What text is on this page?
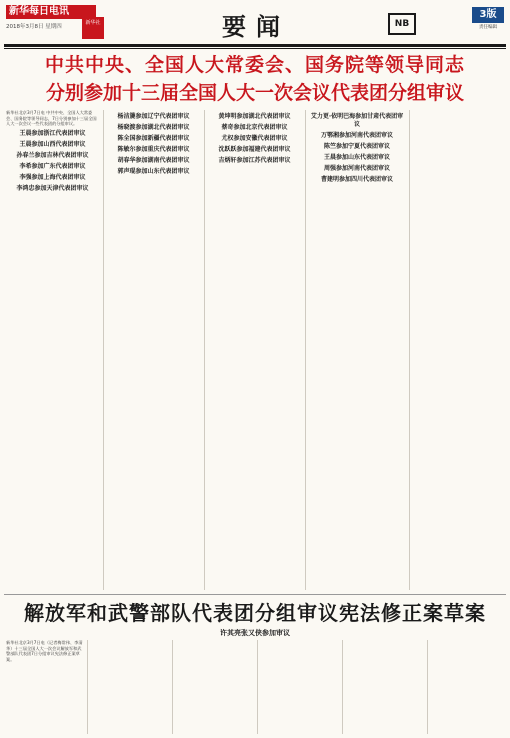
新华每日电讯
2018年3月8日 星期四
新华社	要闻	NB
3版
责任编辑
中共中央、全国人大常委会、国务院等领导同志
分别参加十三届全国人大一次会议代表团分组审议
新华社北京3月7日电 中共中央、全国人大常委会、国务院等领导同志，7日分别参加十三届全国人大一次会议一些代表团的分组审议。
王晨参加浙江代表团审议
王晨参加山西代表团审议
孙春兰参加吉林代表团审议
李希参加广东代表团审议
李强参加上海代表团审议
李鸿忠参加天津代表团审议
杨洁篪参加辽宁代表团审议
杨晓渡参加湖北代表团审议
陈全国参加新疆代表团审议
陈敏尔参加重庆代表团审议
胡春华参加湖南代表团审议
郭声琨参加山东代表团审议
黄坤明参加湖北代表团审议
蔡奇参加北京代表团审议
尤权参加安徽代表团审议
沈跃跃参加福建代表团审议
吉炳轩参加江苏代表团审议
艾力更·依明巴海参加甘肃代表团审议
万鄂湘参加河南代表团审议
陈竺参加宁夏代表团审议
王晨参加山东代表团审议
周强参加河南代表团审议
曹建明参加四川代表团审议
解放军和武警部队代表团分组审议宪法修正案草案
许其亮张又侠参加审议
新华社北京3月7日电（记者梅常伟、李清华）十三届全国人大一次会议解放军和武警部队代表团7日分组审议宪法修正案草案。
